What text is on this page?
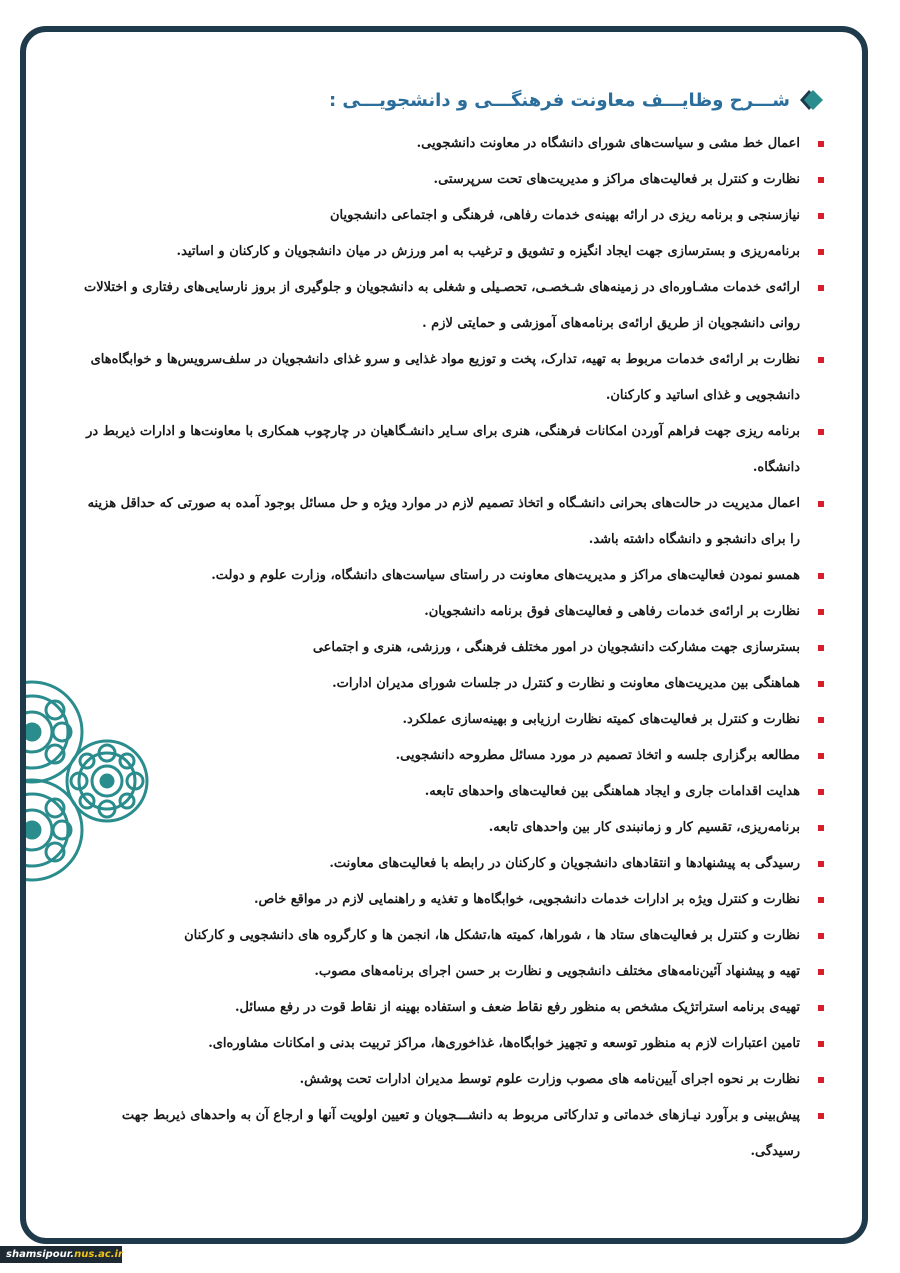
شـــرح وظایـــف معاونت فرهنگـــی و دانشجویـــی :
اعمال خط مشی و سیاست‌های شورای دانشگاه در معاونت دانشجویی.
نظارت و کنترل بر فعالیت‌های مراکز و مدیریت‌های تحت سرپرستی.
نیازسنجی و برنامه ریزی در ارائه بهینه‌ی خدمات رفاهی، فرهنگی و اجتماعی دانشجویان
برنامه‌ریزی و بسترسازی جهت ایجاد انگیزه و تشویق و ترغیب به امر ورزش در میان دانشجویان و کارکنان و اساتید.
ارائه‌ی خدمات مشـاوره‌ای در زمینه‌های شـخصـی، تحصـیلی و شغلی به دانشجویان و جلوگیری از بروز نارسایی‌های رفتاری و اختلالات روانی دانشجویان از طریق ارائه‌ی برنامه‌های آموزشی و حمایتی لازم .
نظارت بر ارائه‌ی خدمات مربوط به تهیه، تدارک، پخت و توزیع مواد غذایی و سرو غذای دانشجویان در سلف‌سرویس‌ها و خوابگاه‌های دانشجویی و غذای اساتید و کارکنان.
برنامه ریزی جهت فراهم آوردن امکانات فرهنگی، هنری برای سـایر دانشـگاهیان در چارچوب همکاری با معاونت‌ها و ادارات ذیربط در دانشگاه.
اعمال مدیریت در حالت‌های بحرانی دانشـگاه و اتخاذ تصمیم لازم در موارد ویژه و حل مسائل بوجود آمده به صورتی که حداقل هزینه را برای دانشجو و دانشگاه داشته باشد.
همسو نمودن فعالیت‌های مراکز و مدیریت‌های معاونت در راستای سیاست‌های دانشگاه، وزارت علوم و دولت.
نظارت بر ارائه‌ی خدمات رفاهی و فعالیت‌های فوق برنامه دانشجویان.
بسترسازی جهت مشارکت دانشجویان در امور مختلف فرهنگی ، ورزشی، هنری و اجتماعی
هماهنگی بین مدیریت‌های معاونت و نظارت و کنترل در جلسات شورای مدیران ادارات.
نظارت و کنترل بر فعالیت‌های کمیته نظارت ارزیابی و بهینه‌سازی عملکرد.
مطالعه برگزاری جلسه و اتخاذ تصمیم در مورد مسائل مطروحه دانشجویی.
هدایت اقدامات جاری و ایجاد هماهنگی بین فعالیت‌های واحدهای تابعه.
برنامه‌ریزی، تقسیم کار و زمانبندی کار بین واحدهای تابعه.
رسیدگی به پیشنهادها و انتقادهای دانشجویان و کارکنان در رابطه با فعالیت‌های معاونت.
نظارت و کنترل ویژه بر ادارات خدمات دانشجویی، خوابگاه‌ها و تغذیه و راهنمایی لازم در مواقع خاص.
نظارت و کنترل بر فعالیت‌های ستاد ها ، شوراها، کمیته ها،تشکل ها، انجمن ها و کارگروه های دانشجویی و کارکنان
تهیه و پیشنهاد آئین‌نامه‌های مختلف دانشجویی و نظارت بر حسن اجرای برنامه‌های مصوب.
تهیه‌ی برنامه استراتژیک مشخص به منظور رفع نقاط ضعف و استفاده بهینه از نقاط قوت در رفع مسائل.
تامین اعتبارات لازم به منظور توسعه و تجهیز خوابگاه‌ها، غذاخوری‌ها، مراکز تربیت بدنی و امکانات مشاوره‌ای.
نظارت بر نحوه اجرای آیین‌نامه های مصوب وزارت علوم توسط مدیران ادارات تحت پوشش.
پیش‌بینی و برآورد نیـازهای خدماتی و تدارکاتی مربوط به دانشـــجویان و تعیین اولویت آنها و ارجاع آن به واحدهای ذیربط جهت رسیدگی.
shamsipour.nus.ac.ir
